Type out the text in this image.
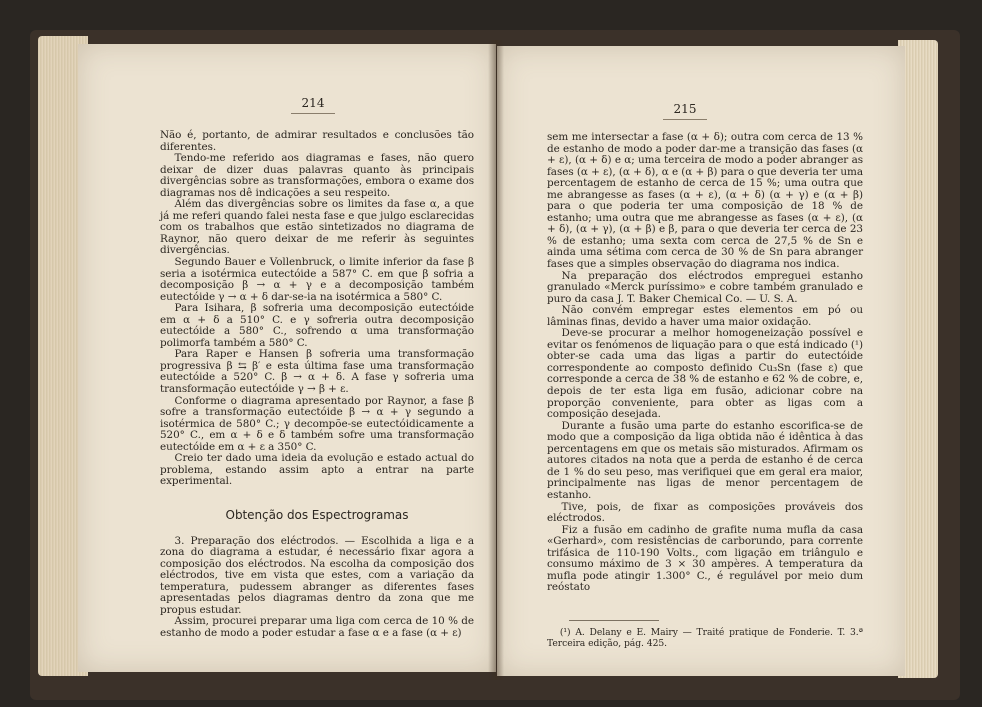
214

Não é, portanto, de admirar resultados e conclusões tão diferentes.

Tendo-me referido aos diagramas e fases, não quero deixar de dizer duas palavras quanto às principais divergências sobre as transformações, embora o exame dos diagramas nos dê indicações a seu respeito.

Além das divergências sobre os limites da fase α, a que já me referi quando falei nesta fase e que julgo esclarecidas com os trabalhos que estão sintetizados no diagrama de Raynor, não quero deixar de me referir às seguintes divergências.

Segundo Bauer e Vollenbruck, o limite inferior da fase β seria a isotérmica eutectóide a 587° C. em que β sofria a decomposição β → α + γ e a decomposição também eutectóide γ → α + δ dar-se-ia na isotérmica a 580° C.

Para Isihara, β sofreria uma decomposição eutectóide em α + δ a 510° C. e γ sofreria outra decomposição eutectóide a 580° C., sofrendo α uma transformação polimorfa também a 580° C.

Para Raper e Hansen β sofreria uma transformação progressiva β ⇆ β′ e esta última fase uma transformação eutectóide a 520° C. β → α + δ. A fase γ sofreria uma transformação eutectóide γ → β + ε.

Conforme o diagrama apresentado por Raynor, a fase β sofre a transformação eutectóide β → α + γ segundo a isotérmica de 580° C.; γ decompõe-se eutectóidicamente a 520° C., em α + δ e δ também sofre uma transformação eutectóide em α + ε a 350° C.

Creio ter dado uma ideia da evolução e estado actual do problema, estando assim apto a entrar na parte experimental.

Obtenção dos Espectrogramas

3. Preparação dos eléctrodos. — Escolhida a liga e a zona do diagrama a estudar, é necessário fixar agora a composição dos eléctrodos. Na escolha da composição dos eléctrodos, tive em vista que estes, com a variação da temperatura, pudessem abranger as diferentes fases apresentadas pelos diagramas dentro da zona que me propus estudar.

Assim, procurei preparar uma liga com cerca de 10 % de estanho de modo a poder estudar a fase α e a fase (α + ε)

215

sem me intersectar a fase (α + δ); outra com cerca de 13 % de estanho de modo a poder dar-me a transição das fases (α + ε), (α + δ) e α; uma terceira de modo a poder abranger as fases (α + ε), (α + δ), α e (α + β) para o que deveria ter uma percentagem de estanho de cerca de 15 %; uma outra que me abrangesse as fases (α + ε), (α + δ) (α + γ) e (α + β) para o que poderia ter uma composição de 18 % de estanho; uma outra que me abrangesse as fases (α + ε), (α + δ), (α + γ), (α + β) e β, para o que deveria ter cerca de 23 % de estanho; uma sexta com cerca de 27,5 % de Sn e ainda uma sétima com cerca de 30 % de Sn para abranger fases que a simples observação do diagrama nos indica.

Na preparação dos eléctrodos empreguei estanho granulado «Merck puríssimo» e cobre também granulado e puro da casa J. T. Baker Chemical Co. — U. S. A.

Não convém empregar estes elementos em pó ou lâminas finas, devido a haver uma maior oxidação.

Deve-se procurar a melhor homogeneização possível e evitar os fenómenos de liquação para o que está indicado (¹) obter-se cada uma das ligas a partir do eutectóide correspondente ao composto definido Cu₃Sn (fase ε) que corresponde a cerca de 38 % de estanho e 62 % de cobre, e, depois de ter esta liga em fusão, adicionar cobre na proporção conveniente, para obter as ligas com a composição desejada.

Durante a fusão uma parte do estanho escorifica-se de modo que a composição da liga obtida não é idêntica à das percentagens em que os metais são misturados. Afirmam os autores citados na nota que a perda de estanho é de cerca de 1 % do seu peso, mas verifiquei que em geral era maior, principalmente nas ligas de menor percentagem de estanho.

Tive, pois, de fixar as composições prováveis dos eléctrodos.

Fiz a fusão em cadinho de grafite numa mufla da casa «Gerhard», com resistências de carborundo, para corrente trifásica de 110-190 Volts., com ligação em triângulo e consumo máximo de 3 × 30 ampères. A temperatura da mufla pode atingir 1.300° C., é regulável por meio dum reóstato

(¹) A. Delany e E. Mairy — Traité pratique de Fonderie. T. 3.ª Terceira edição, pág. 425.
